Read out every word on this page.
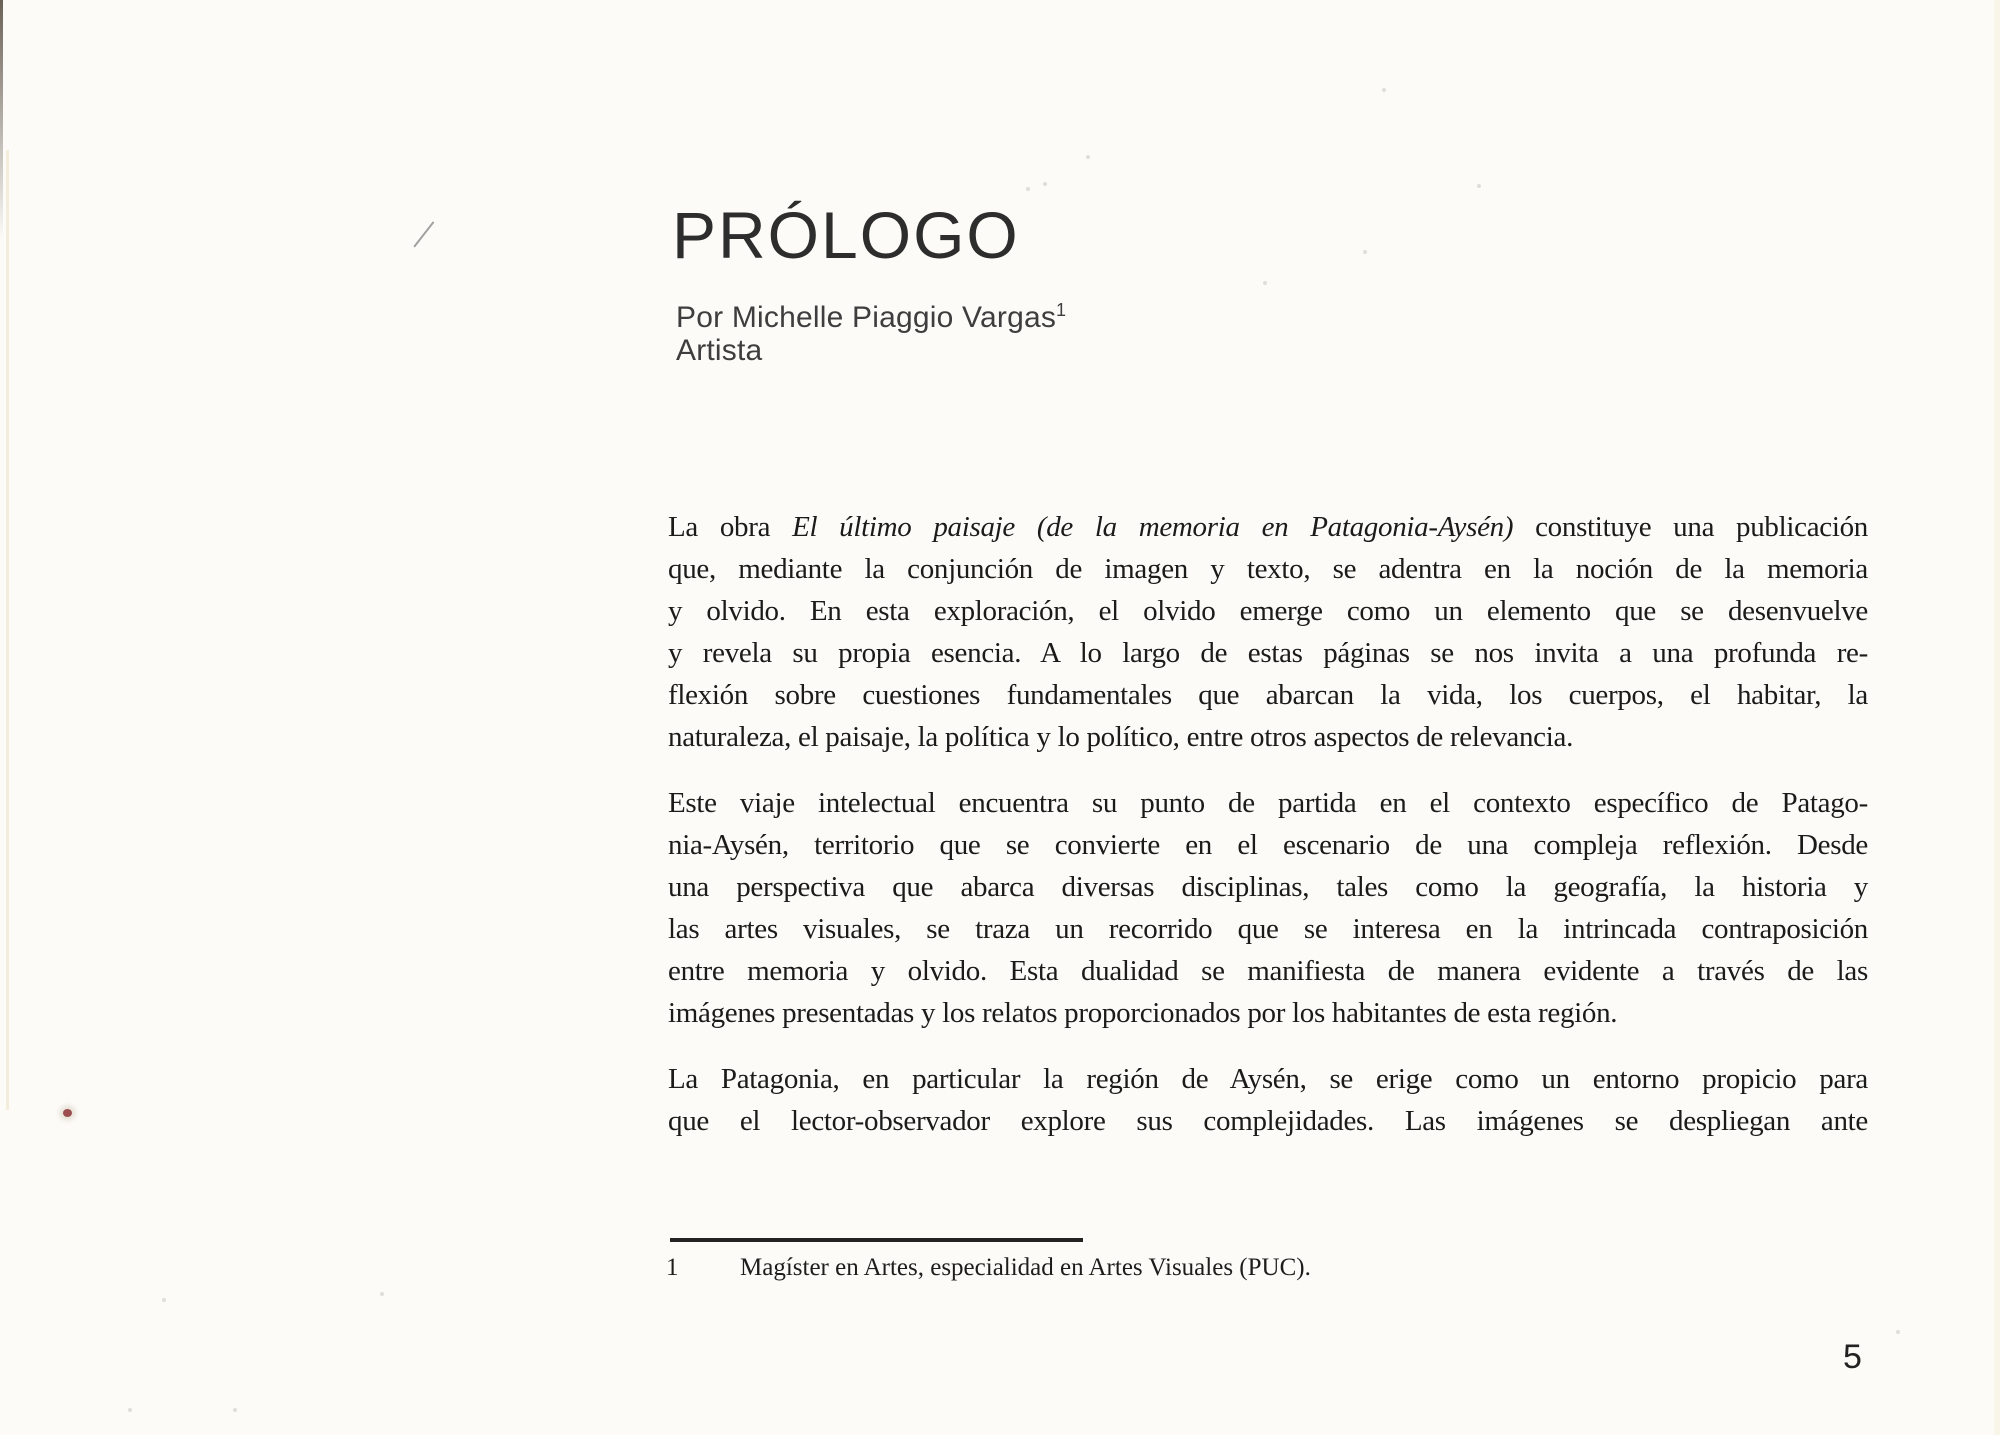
PRÓLOGO
Por Michelle Piaggio Vargas$^1$
Artista
La obra El último paisaje (de la memoria en Patagonia-Aysén) constituye una publicación
que, mediante la conjunción de imagen y texto, se adentra en la noción de la memoria
y olvido. En esta exploración, el olvido emerge como un elemento que se desenvuelve
y revela su propia esencia. A lo largo de estas páginas se nos invita a una profunda re-
flexión sobre cuestiones fundamentales que abarcan la vida, los cuerpos, el habitar, la
naturaleza, el paisaje, la política y lo político, entre otros aspectos de relevancia.
Este viaje intelectual encuentra su punto de partida en el contexto específico de Patago-
nia-Aysén, territorio que se convierte en el escenario de una compleja reflexión. Desde
una perspectiva que abarca diversas disciplinas, tales como la geografía, la historia y
las artes visuales, se traza un recorrido que se interesa en la intrincada contraposición
entre memoria y olvido. Esta dualidad se manifiesta de manera evidente a través de las
imágenes presentadas y los relatos proporcionados por los habitantes de esta región.
La Patagonia, en particular la región de Aysén, se erige como un entorno propicio para
que el lector-observador explore sus complejidades. Las imágenes se despliegan ante
1 Magíster en Artes, especialidad en Artes Visuales (PUC).
5
